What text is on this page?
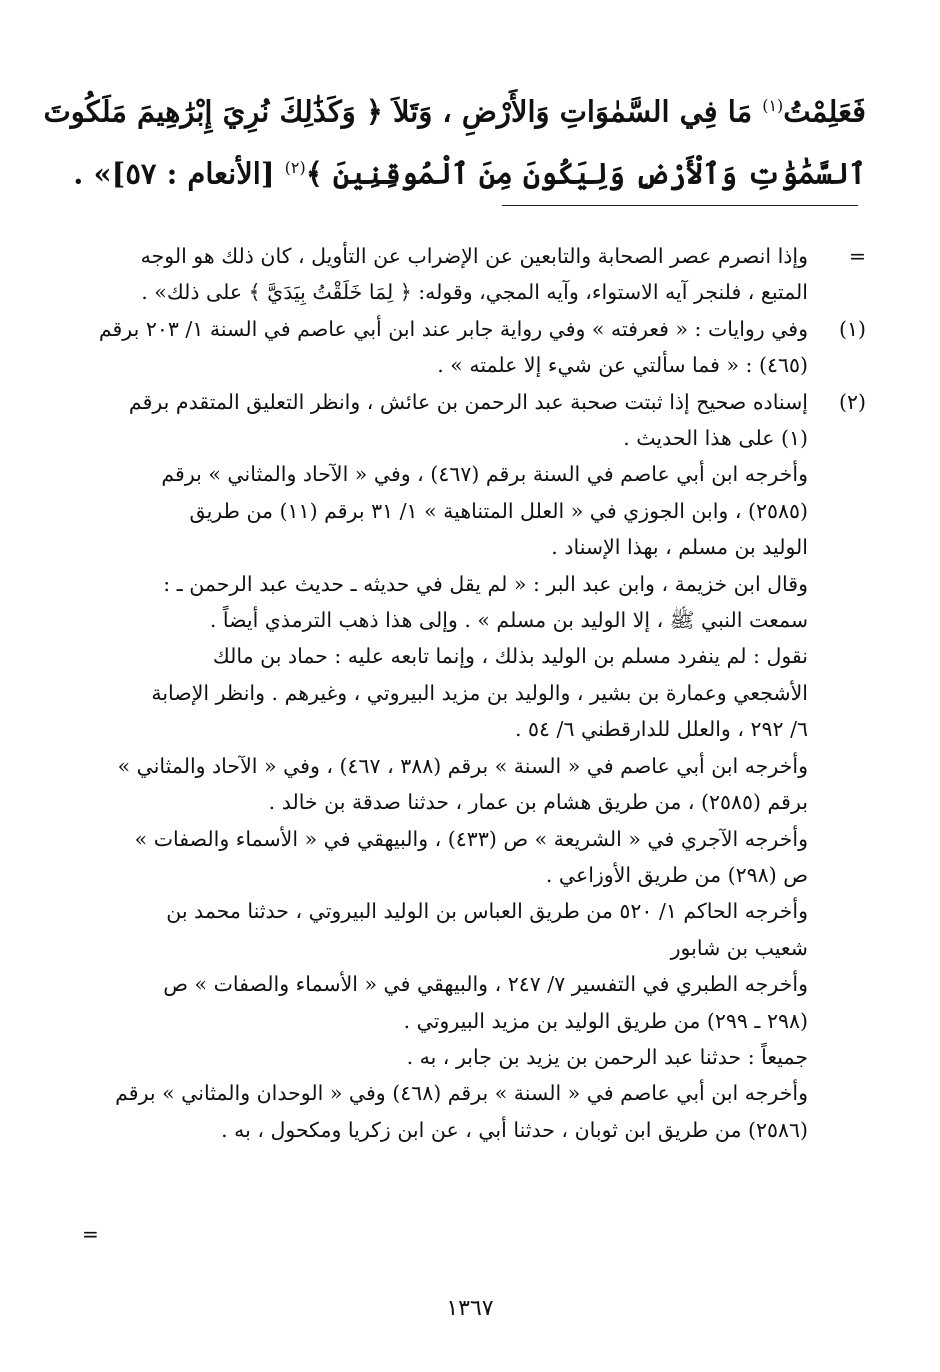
فَعَلِمْتُ$^{(١)}$ مَا فِي السَّمٰوَاتِ وَالأَرْضِ ، وَتَلاَ ﴿ وَكَذَٰلِكَ نُرِيَ إِبْرَٰهِيمَ مَلَكُوتَ
ٱلسَّمَٰوَٰتِ وَٱلْأَرْضِ وَلِيَكُونَ مِنَ ٱلْمُوقِنِينَ ﴾$^{(٢)}$ [الأنعام : ٥٧]» .
=
وإذا انصرم عصر الصحابة والتابعين عن الإضراب عن التأويل ، كان ذلك هو الوجه
المتبع ، فلنجر آيه الاستواء، وآيه المجي، وقوله: ﴿ لِمَا خَلَقْتُ بِيَدَيَّ ﴾ على ذلك» .
(١)
وفي روايات : « فعرفته » وفي رواية جابر عند ابن أبي عاصم في السنة ١/ ٢٠٣ برقم
(٤٦٥) : « فما سألتي عن شيء إلا علمته » .
(٢)
إسناده صحيح إذا ثبتت صحبة عبد الرحمن بن عائش ، وانظر التعليق المتقدم برقم
(١) على هذا الحديث .
وأخرجه ابن أبي عاصم في السنة برقم (٤٦٧) ، وفي « الآحاد والمثاني » برقم
(٢٥٨٥) ، وابن الجوزي في « العلل المتناهية » ١/ ٣١ برقم (١١) من طريق
الوليد بن مسلم ، بهذا الإسناد .
وقال ابن خزيمة ، وابن عبد البر : « لم يقل في حديثه ـ حديث عبد الرحمن ـ :
سمعت النبي ﷺ ، إلا الوليد بن مسلم » . وإلى هذا ذهب الترمذي أيضاً .
نقول : لم ينفرد مسلم بن الوليد بذلك ، وإنما تابعه عليه : حماد بن مالك
الأشجعي وعمارة بن بشير ، والوليد بن مزيد البيروتي ، وغيرهم . وانظر الإصابة
٦/ ٢٩٢ ، والعلل للدارقطني ٦/ ٥٤ .
وأخرجه ابن أبي عاصم في « السنة » برقم (٣٨٨ ، ٤٦٧) ، وفي « الآحاد والمثاني »
برقم (٢٥٨٥) ، من طريق هشام بن عمار ، حدثنا صدقة بن خالد .
وأخرجه الآجري في « الشريعة » ص (٤٣٣) ، والبيهقي في « الأسماء والصفات »
ص (٢٩٨) من طريق الأوزاعي .
وأخرجه الحاكم ١/ ٥٢٠ من طريق العباس بن الوليد البيروتي ، حدثنا محمد بن
شعيب بن شابور
وأخرجه الطبري في التفسير ٧/ ٢٤٧ ، والبيهقي في « الأسماء والصفات » ص
(٢٩٨ ـ ٢٩٩) من طريق الوليد بن مزيد البيروتي .
جميعاً : حدثنا عبد الرحمن بن يزيد بن جابر ، به .
وأخرجه ابن أبي عاصم في « السنة » برقم (٤٦٨) وفي « الوحدان والمثاني » برقم
(٢٥٨٦) من طريق ابن ثوبان ، حدثنا أبي ، عن ابن زكريا ومكحول ، به .
=
١٣٦٧
